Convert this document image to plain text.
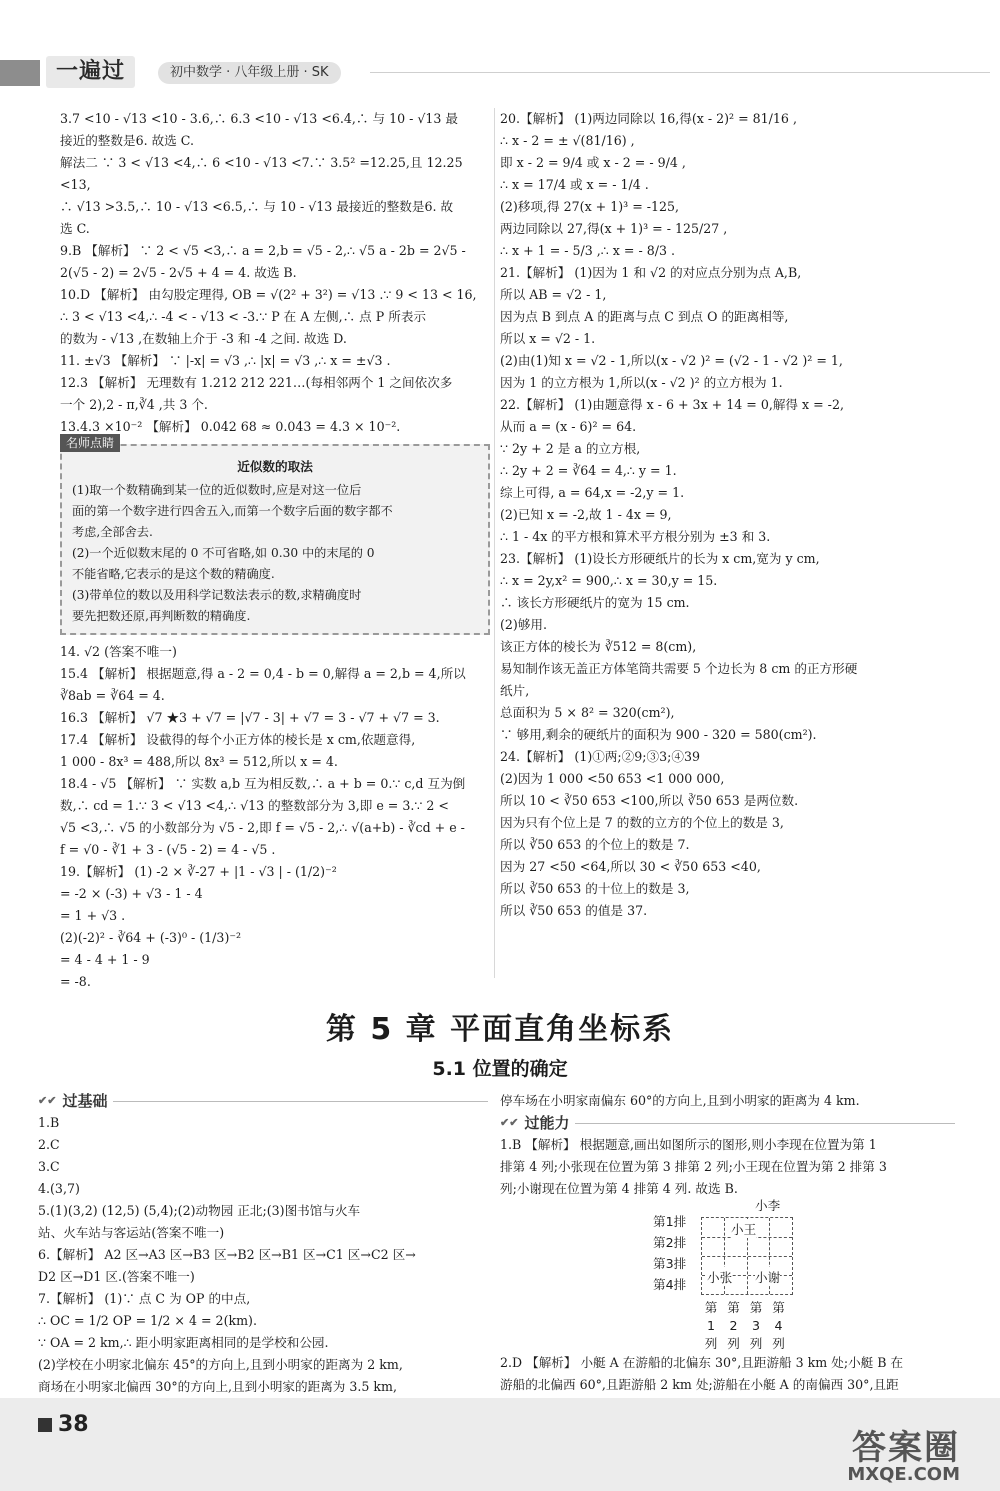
一遍过	初中数学 · 八年级上册 · SK

3.7 <10 - √13 <10 - 3.6,∴ 6.3 <10 - √13 <6.4,∴ 与 10 - √13 最

接近的整数是6. 故选 C.

解法二 ∵ 3 < √13 <4,∴ 6 <10 - √13 <7.∵ 3.5² =12.25,且 12.25 <13,

∴ √13 >3.5,∴ 10 - √13 <6.5,∴ 与 10 - √13 最接近的整数是6. 故

选 C.

9.B 【解析】 ∵ 2 < √5 <3,∴ a = 2,b = √5 - 2,∴ √5 a - 2b = 2√5 -

2(√5 - 2) = 2√5 - 2√5 + 4 = 4. 故选 B.

10.D 【解析】 由勾股定理得, OB = √(2² + 3²) = √13 .∵ 9 < 13 < 16,

∴ 3 < √13 <4,∴ -4 < - √13 < -3.∵ P 在 A 左侧,∴ 点 P 所表示

的数为 - √13 ,在数轴上介于 -3 和 -4 之间. 故选 D.

11. ±√3 【解析】 ∵ |-x| = √3 ,∴ |x| = √3 ,∴ x = ±√3 .

12.3 【解析】 无理数有 1.212 212 221…(每相邻两个 1 之间依次多

一个 2),2 - π,∛4 ,共 3 个.

13.4.3 ×10⁻² 【解析】 0.042 68 ≈ 0.043 = 4.3 × 10⁻².

名师点睛
近似数的取法

(1)取一个数精确到某一位的近似数时,应是对这一位后

面的第一个数字进行四舍五入,而第一个数字后面的数字都不

考虑,全部舍去.

(2)一个近似数末尾的 0 不可省略,如 0.30 中的末尾的 0

不能省略,它表示的是这个数的精确度.

(3)带单位的数以及用科学记数法表示的数,求精确度时

要先把数还原,再判断数的精确度.

14. √2 (答案不唯一)

15.4 【解析】 根据题意,得 a - 2 = 0,4 - b = 0,解得 a = 2,b = 4,所以

∛8ab = ∛64 = 4.

16.3 【解析】 √7 ★3 + √7 = |√7 - 3| + √7 = 3 - √7 + √7 = 3.

17.4 【解析】 设截得的每个小正方体的棱长是 x cm,依题意得,

1 000 - 8x³ = 488,所以 8x³ = 512,所以 x = 4.

18.4 - √5 【解析】 ∵ 实数 a,b 互为相反数,∴ a + b = 0.∵ c,d 互为倒

数,∴ cd = 1.∵ 3 < √13 <4,∴ √13 的整数部分为 3,即 e = 3.∵ 2 <

√5 <3,∴ √5 的小数部分为 √5 - 2,即 f = √5 - 2,∴ √(a+b) - ∛cd + e -

f = √0 - ∛1 + 3 - (√5 - 2) = 4 - √5 .

19.【解析】 (1) -2 × ∛-27 + |1 - √3 | - (1/2)⁻²

= -2 × (-3) + √3 - 1 - 4

= 1 + √3 .

(2)(-2)² - ∛64 + (-3)⁰ - (1/3)⁻²

= 4 - 4 + 1 - 9

= -8.

20.【解析】 (1)两边同除以 16,得(x - 2)² = 81/16 ,

∴ x - 2 = ± √(81/16) ,

即 x - 2 = 9/4 或 x - 2 = - 9/4 ,

∴ x = 17/4 或 x = - 1/4 .

(2)移项,得 27(x + 1)³ = -125,

两边同除以 27,得(x + 1)³ = - 125/27 ,

∴ x + 1 = - 5/3 ,∴ x = - 8/3 .

21.【解析】 (1)因为 1 和 √2 的对应点分别为点 A,B,

所以 AB = √2 - 1,

因为点 B 到点 A 的距离与点 C 到点 O 的距离相等,

所以 x = √2 - 1.

(2)由(1)知 x = √2 - 1,所以(x - √2 )² = (√2 - 1 - √2 )² = 1,

因为 1 的立方根为 1,所以(x - √2 )² 的立方根为 1.

22.【解析】 (1)由题意得 x - 6 + 3x + 14 = 0,解得 x = -2,

从而 a = (x - 6)² = 64.

∵ 2y + 2 是 a 的立方根,

∴ 2y + 2 = ∛64 = 4,∴ y = 1.

综上可得, a = 64,x = -2,y = 1.

(2)已知 x = -2,故 1 - 4x = 9,

∴ 1 - 4x 的平方根和算术平方根分别为 ±3 和 3.

23.【解析】 (1)设长方形硬纸片的长为 x cm,宽为 y cm,

∴ x = 2y,x² = 900,∴ x = 30,y = 15.

∴ 该长方形硬纸片的宽为 15 cm.

(2)够用.

该正方体的棱长为 ∛512 = 8(cm),

易知制作该无盖正方体笔筒共需要 5 个边长为 8 cm 的正方形硬

纸片,

总面积为 5 × 8² = 320(cm²),

∵ 够用,剩余的硬纸片的面积为 900 - 320 = 580(cm²).

24.【解析】 (1)①两;②9;③3;④39

(2)因为 1 000 <50 653 <1 000 000,

所以 10 < ∛50 653 <100,所以 ∛50 653 是两位数.

因为只有个位上是 7 的数的立方的个位上的数是 3,

所以 ∛50 653 的个位上的数是 7.

因为 27 <50 <64,所以 30 < ∛50 653 <40,

所以 ∛50 653 的十位上的数是 3,

所以 ∛50 653 的值是 37.

第 5 章 平面直角坐标系
5.1 位置的确定
✔✔ 过基础

1.B

2.C

3.C

4.(3,7)

5.(1)(3,2) (12,5) (5,4);(2)动物园 正北;(3)图书馆与火车

站、火车站与客运站(答案不唯一)

6.【解析】 A2 区→A3 区→B3 区→B2 区→B1 区→C1 区→C2 区→

D2 区→D1 区.(答案不唯一)

7.【解析】 (1)∵ 点 C 为 OP 的中点,

∴ OC = 1/2 OP = 1/2 × 4 = 2(km).

∵ OA = 2 km,∴ 距小明家距离相同的是学校和公园.

(2)学校在小明家北偏东 45°的方向上,且到小明家的距离为 2 km,

商场在小明家北偏西 30°的方向上,且到小明家的距离为 3.5 km,

停车场在小明家南偏东 60°的方向上,且到小明家的距离为 4 km.

✔✔ 过能力

1.B 【解析】 根据题意,画出如图所示的图形,则小李现在位置为第 1

排第 4 列;小张现在位置为第 3 排第 2 列;小王现在位置为第 2 排第 3

列;小谢现在位置为第 4 排第 4 列. 故选 B.

2.D 【解析】 小艇 A 在游船的北偏东 30°,且距游船 3 km 处;小艇 B 在

游船的北偏西 60°,且距游船 2 km 处;游船在小艇 A 的南偏西 30°,且距

小李
第1排
第2排
第3排
第4排
小王
小张 小谢
第
1
列
第
2
列
第
3
列
第
4
列
38
答案圈
MXQE.COM
